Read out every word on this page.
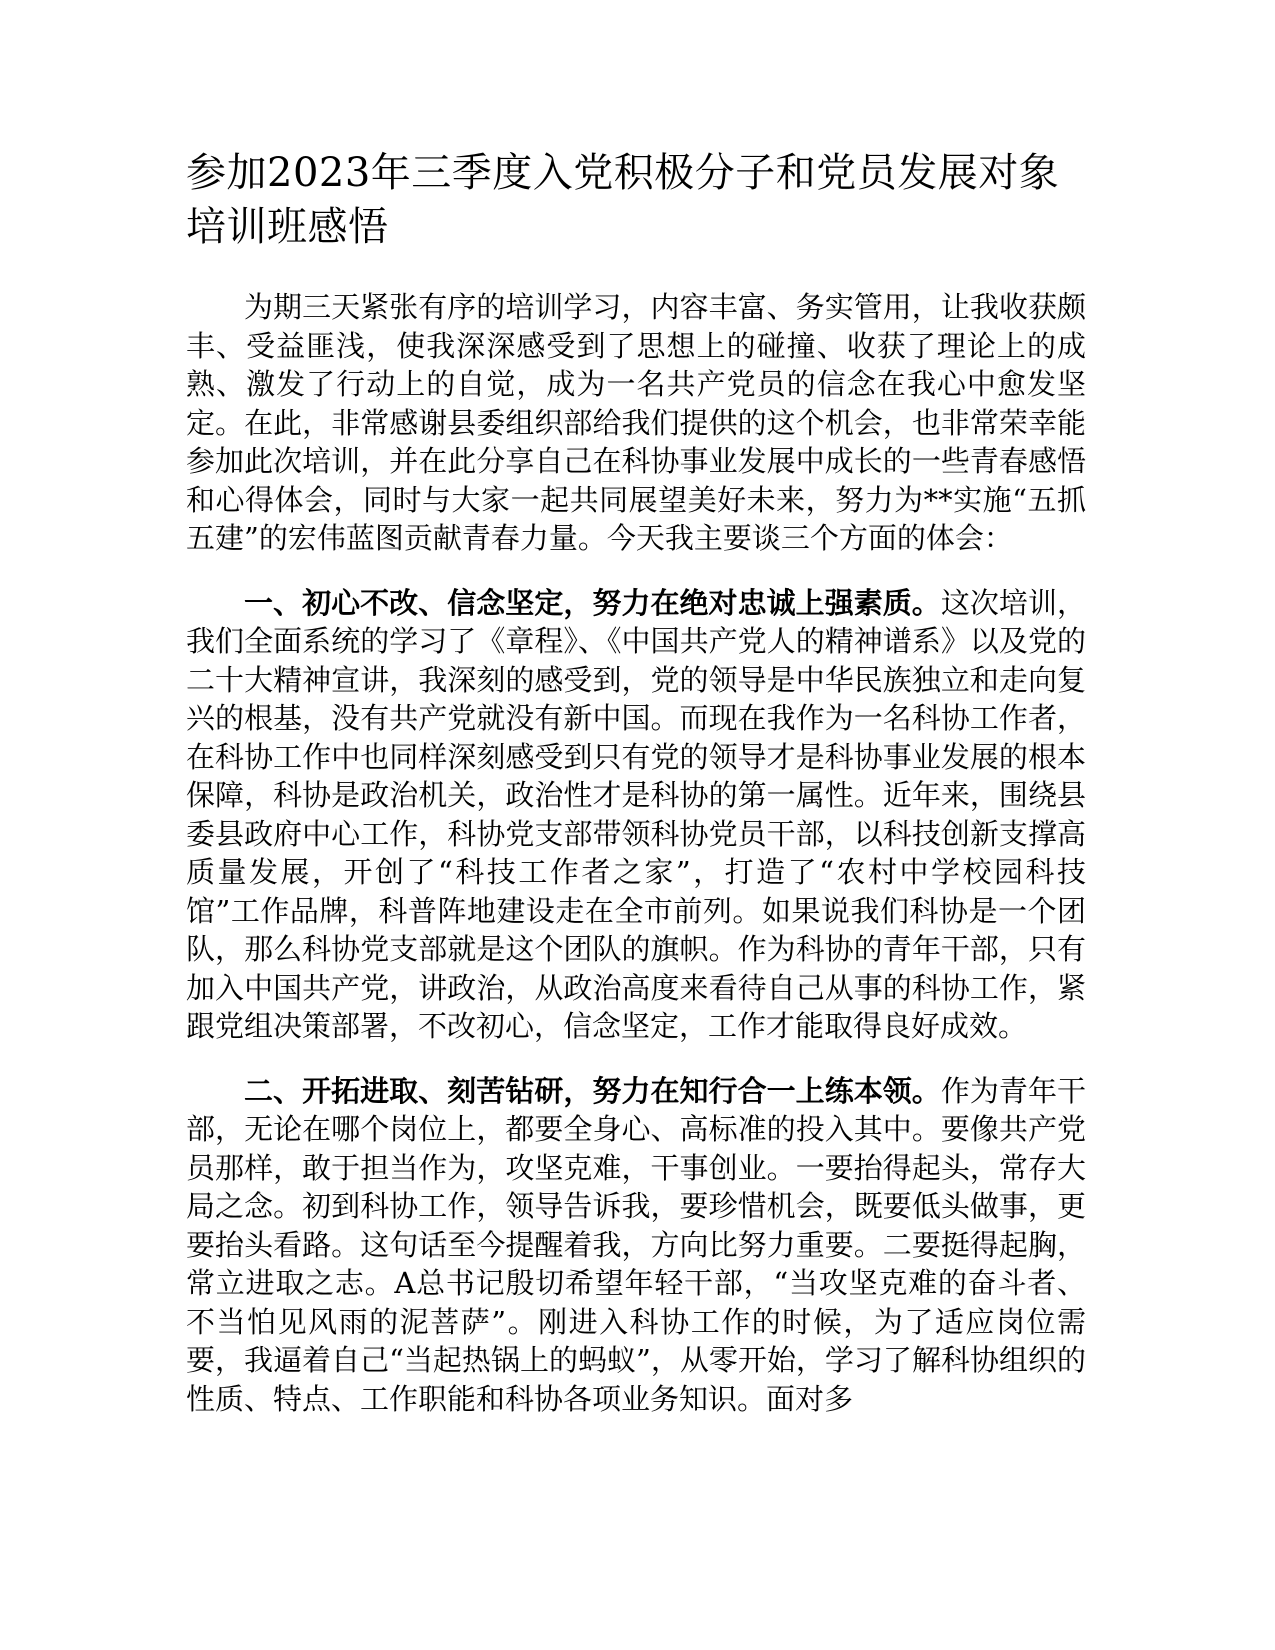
参加2023年三季度入党积极分子和党员发展对象培训班感悟

为期三天紧张有序的培训学习，内容丰富、务实管用，让我收获颇丰、受益匪浅，使我深深感受到了思想上的碰撞、收获了理论上的成熟、激发了行动上的自觉，成为一名共产党员的信念在我心中愈发坚定。在此，非常感谢县委组织部给我们提供的这个机会，也非常荣幸能参加此次培训，并在此分享自己在科协事业发展中成长的一些青春感悟和心得体会，同时与大家一起共同展望美好未来，努力为**实施“五抓五建”的宏伟蓝图贡献青春力量。今天我主要谈三个方面的体会：

一、初心不改、信念坚定，努力在绝对忠诚上强素质。这次培训，我们全面系统的学习了《章程》、《中国共产党人的精神谱系》以及党的二十大精神宣讲，我深刻的感受到，党的领导是中华民族独立和走向复兴的根基，没有共产党就没有新中国。而现在我作为一名科协工作者，在科协工作中也同样深刻感受到只有党的领导才是科协事业发展的根本保障，科协是政治机关，政治性才是科协的第一属性。近年来，围绕县委县政府中心工作，科协党支部带领科协党员干部，以科技创新支撑高质量发展，开创了“科技工作者之家”，打造了“农村中学校园科技馆”工作品牌，科普阵地建设走在全市前列。如果说我们科协是一个团队，那么科协党支部就是这个团队的旗帜。作为科协的青年干部，只有加入中国共产党，讲政治，从政治高度来看待自己从事的科协工作，紧跟党组决策部署，不改初心，信念坚定，工作才能取得良好成效。

二、开拓进取、刻苦钻研，努力在知行合一上练本领。作为青年干部，无论在哪个岗位上，都要全身心、高标准的投入其中。要像共产党员那样，敢于担当作为，攻坚克难，干事创业。一要抬得起头，常存大局之念。初到科协工作，领导告诉我，要珍惜机会，既要低头做事，更要抬头看路。这句话至今提醒着我，方向比努力重要。二要挺得起胸，常立进取之志。A总书记殷切希望年轻干部，“当攻坚克难的奋斗者、不当怕见风雨的泥菩萨”。刚进入科协工作的时候，为了适应岗位需要，我逼着自己“当起热锅上的蚂蚁”，从零开始，学习了解科协组织的性质、特点、工作职能和科协各项业务知识。面对多
